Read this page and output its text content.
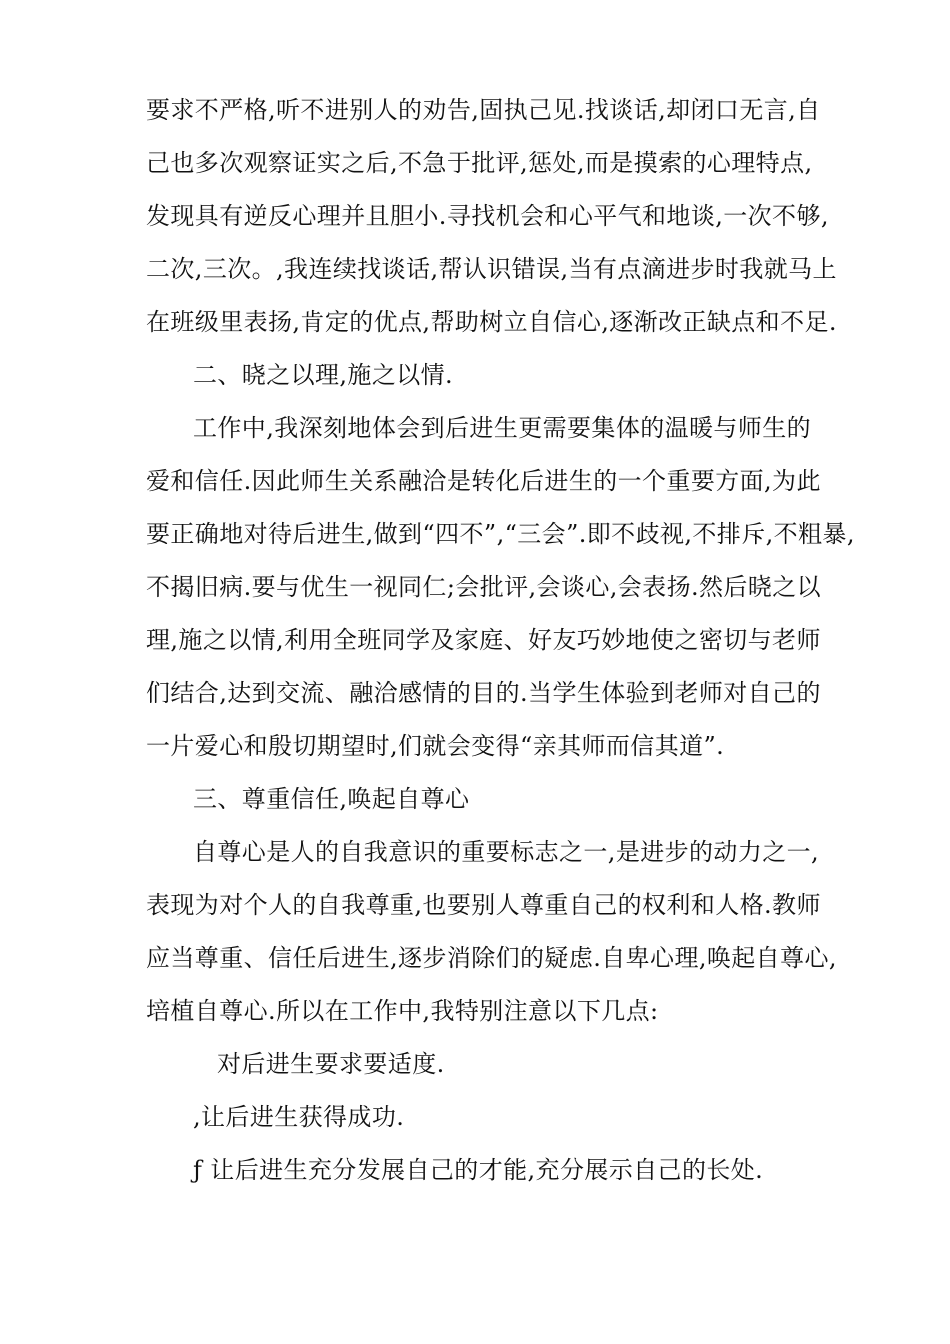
要求不严格,听不进别人的劝告,固执己见.找谈话,却闭口无言,自
己也多次观察证实之后,不急于批评,惩处,而是摸索的心理特点,
发现具有逆反心理并且胆小.寻找机会和心平气和地谈,一次不够,
二次,三次。,我连续找谈话,帮认识错误,当有点滴进步时我就马上
在班级里表扬,肯定的优点,帮助树立自信心,逐渐改正缺点和不足.
二、晓之以理,施之以情.
工作中,我深刻地体会到后进生更需要集体的温暖与师生的
爱和信任.因此师生关系融洽是转化后进生的一个重要方面,为此
要正确地对待后进生,做到“四不”,“三会”.即不歧视,不排斥,不粗暴,
不揭旧病.要与优生一视同仁;会批评,会谈心,会表扬.然后晓之以
理,施之以情,利用全班同学及家庭、好友巧妙地使之密切与老师
们结合,达到交流、融洽感情的目的.当学生体验到老师对自己的
一片爱心和殷切期望时,们就会变得“亲其师而信其道”.
三、尊重信任,唤起自尊心
自尊心是人的自我意识的重要标志之一,是进步的动力之一,
表现为对个人的自我尊重,也要别人尊重自己的权利和人格.教师
应当尊重、信任后进生,逐步消除们的疑虑.自卑心理,唤起自尊心,
培植自尊心.所以在工作中,我特别注意以下几点:
对后进生要求要适度.
,让后进生获得成功.
ƒ 让后进生充分发展自己的才能,充分展示自己的长处.
